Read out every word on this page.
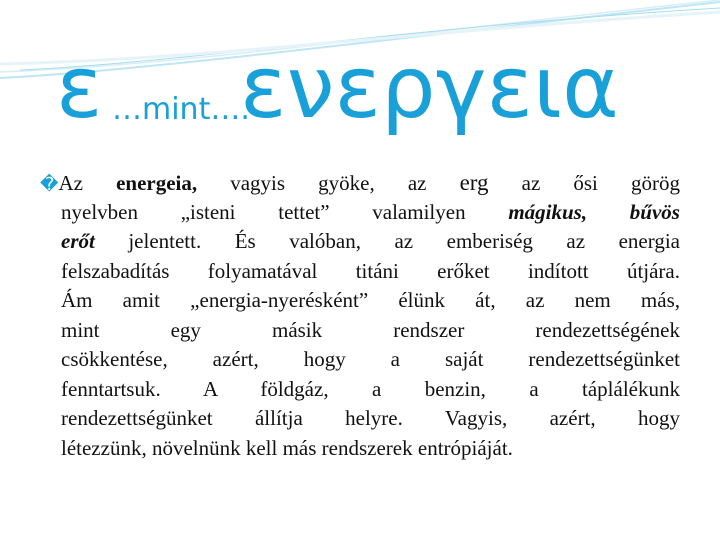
ε …mint….
ενεργεια
�Az energeia, vagyis gyöke, az erg az ősi görög
nyelvben „isteni tettet” valamilyen mágikus, bűvös
erőt jelentett. És valóban, az emberiség az energia
felszabadítás folyamatával titáni erőket indított útjára.
Ám amit „energia-nyerésként” élünk át, az nem más,
mint egy másik rendszer rendezettségének
csökkentése, azért, hogy a saját rendezettségünket
fenntartsuk. A földgáz, a benzin, a táplálékunk
rendezettségünket állítja helyre. Vagyis, azért, hogy
létezzünk, növelnünk kell más rendszerek entrópiáját.
